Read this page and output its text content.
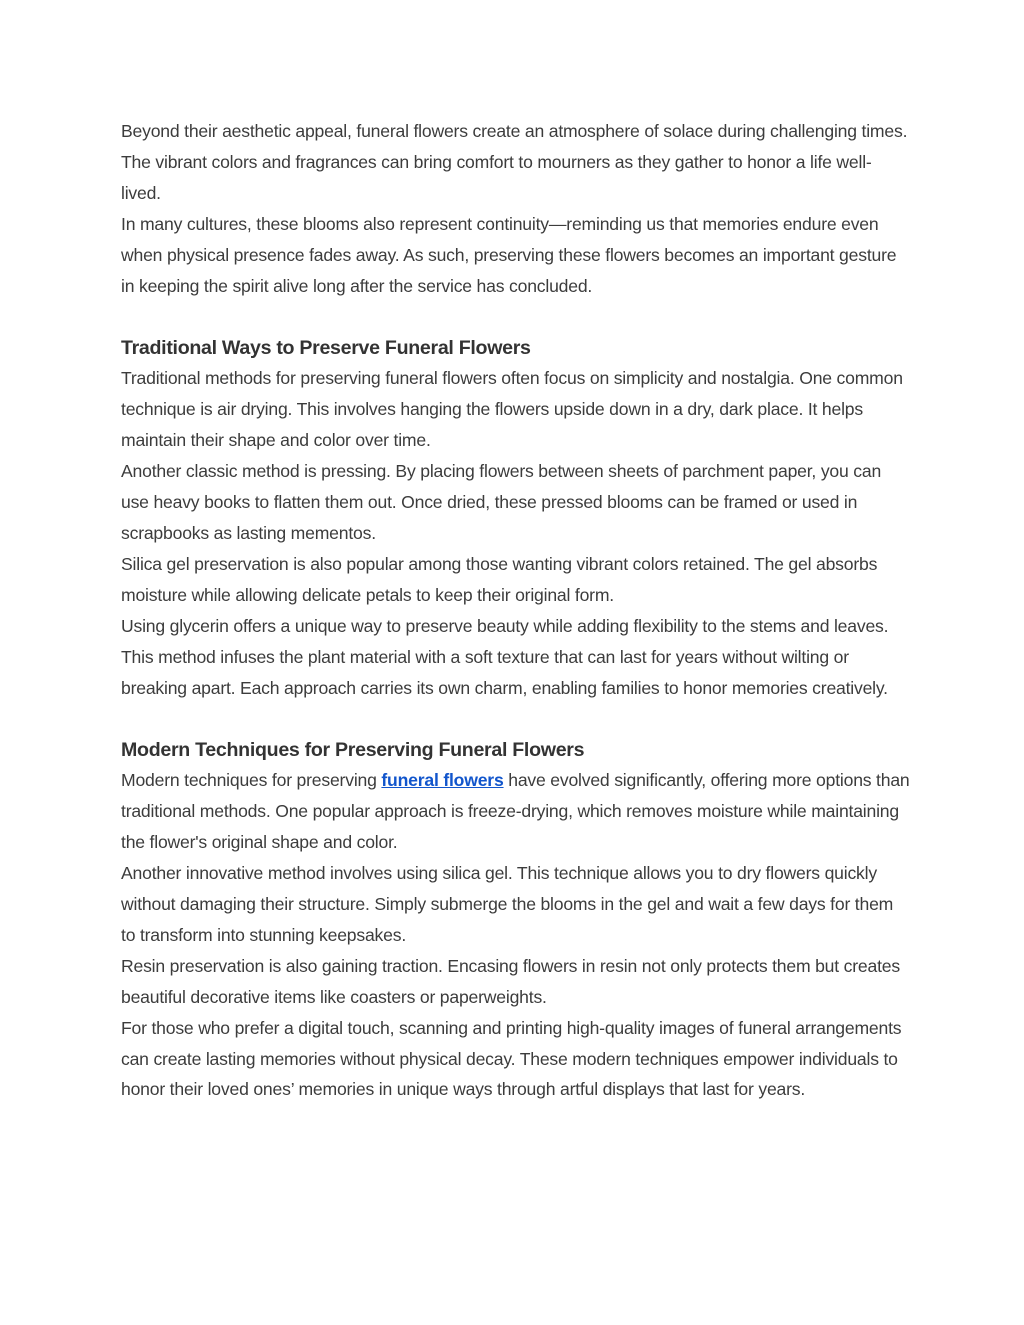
Beyond their aesthetic appeal, funeral flowers create an atmosphere of solace during challenging times. The vibrant colors and fragrances can bring comfort to mourners as they gather to honor a life well-lived.

In many cultures, these blooms also represent continuity—reminding us that memories endure even when physical presence fades away. As such, preserving these flowers becomes an important gesture in keeping the spirit alive long after the service has concluded.

Traditional Ways to Preserve Funeral Flowers

Traditional methods for preserving funeral flowers often focus on simplicity and nostalgia. One common technique is air drying. This involves hanging the flowers upside down in a dry, dark place. It helps maintain their shape and color over time.

Another classic method is pressing. By placing flowers between sheets of parchment paper, you can use heavy books to flatten them out. Once dried, these pressed blooms can be framed or used in scrapbooks as lasting mementos.

Silica gel preservation is also popular among those wanting vibrant colors retained. The gel absorbs moisture while allowing delicate petals to keep their original form.

Using glycerin offers a unique way to preserve beauty while adding flexibility to the stems and leaves. This method infuses the plant material with a soft texture that can last for years without wilting or breaking apart. Each approach carries its own charm, enabling families to honor memories creatively.

Modern Techniques for Preserving Funeral Flowers

Modern techniques for preserving funeral flowers have evolved significantly, offering more options than traditional methods. One popular approach is freeze-drying, which removes moisture while maintaining the flower's original shape and color.

Another innovative method involves using silica gel. This technique allows you to dry flowers quickly without damaging their structure. Simply submerge the blooms in the gel and wait a few days for them to transform into stunning keepsakes.

Resin preservation is also gaining traction. Encasing flowers in resin not only protects them but creates beautiful decorative items like coasters or paperweights.

For those who prefer a digital touch, scanning and printing high-quality images of funeral arrangements can create lasting memories without physical decay. These modern techniques empower individuals to honor their loved ones’ memories in unique ways through artful displays that last for years.
